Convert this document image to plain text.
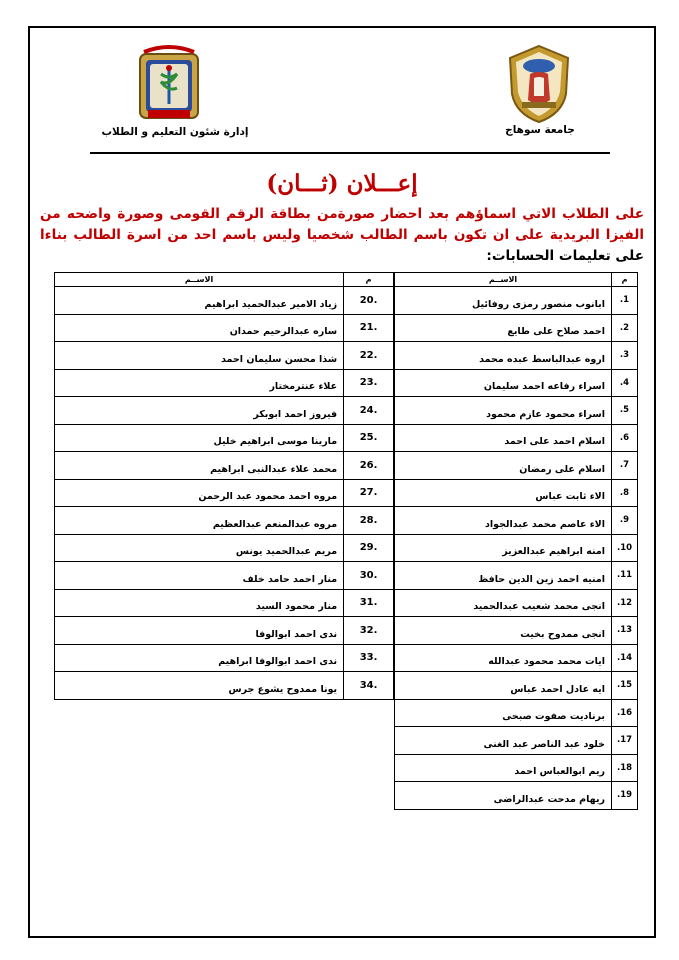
إدارة شئون التعليم و الطلاب	جامعة سوهاج
إعـــلان (ثـــان)
على الطلاب الاتي اسماؤهم بعد احضار صورةمن بطاقة الرقم القومى وصورة واضحه من الفيزا البريدية على ان تكون باسم الطالب شخصيا وليس باسم احد من اسرة الطالب بناءا على تعليمات الحسابات:
م	الاســم
1.	ابانوب منصور رمزى روفائيل
2.	احمد صلاح على طايع
3.	اروه عبدالباسط عبده محمد
4.	اسراء رفاعه احمد سليمان
5.	اسراء محمود عازم محمود
6.	اسلام احمد على احمد
7.	اسلام على رمضان
8.	الاء ثابت عباس
9.	الاء عاصم محمد عبدالجواد
10.	امنه ابراهيم عبدالعزيز
11.	امنيه احمد زين الدين حافظ
12.	انجى محمد شعيب عبدالحميد
13.	انجى ممدوح بخيت
14.	ايات محمد محمود عبدالله
15.	ايه عادل احمد عباس
16.	برناديت صفوت صبحى
17.	خلود عبد الناصر عبد الغنى
18.	ريم ابوالعباس احمد
19.	ريهام مدحت عبدالراضى
م	الاســم
.20	زياد الامير عبدالحميد ابراهيم
.21	ساره عبدالرحيم حمدان
.22	شذا محسن سليمان احمد
.23	علاء عنترمختار
.24	فيروز احمد ابوبكر
.25	مارينا موسى ابراهيم خليل
.26	محمد علاء عبدالنبى ابراهيم
.27	مروه احمد محمود عبد الرحمن
.28	مروه عبدالمنعم عبدالعظيم
.29	مريم عبدالحميد يونس
.30	منار احمد حامد خلف
.31	منار محمود السيد
.32	ندى احمد ابوالوفا
.33	ندى احمد ابوالوفا ابراهيم
.34	يونا ممدوح يشوع جرس
